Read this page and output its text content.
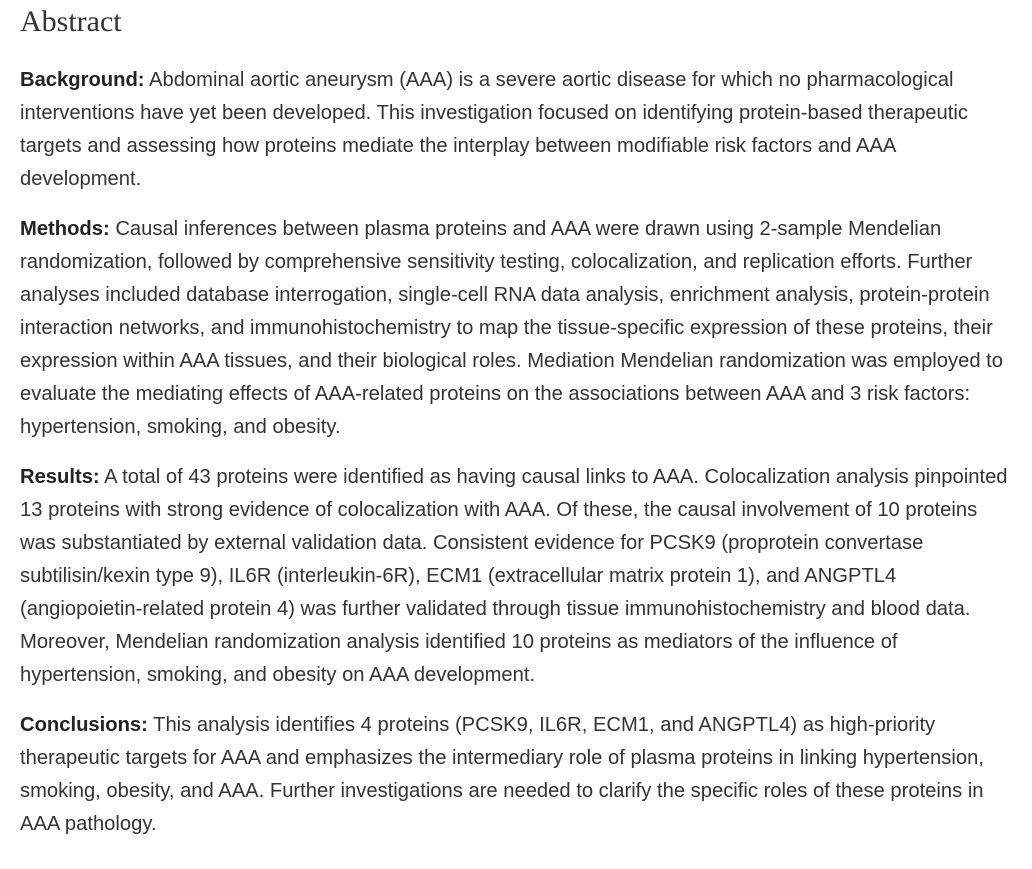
Abstract

Background: Abdominal aortic aneurysm (AAA) is a severe aortic disease for which no pharmacological interventions have yet been developed. This investigation focused on identifying protein-based therapeutic targets and assessing how proteins mediate the interplay between modifiable risk factors and AAA development.

Methods: Causal inferences between plasma proteins and AAA were drawn using 2-sample Mendelian randomization, followed by comprehensive sensitivity testing, colocalization, and replication efforts. Further analyses included database interrogation, single-cell RNA data analysis, enrichment analysis, protein-protein interaction networks, and immunohistochemistry to map the tissue-specific expression of these proteins, their expression within AAA tissues, and their biological roles. Mediation Mendelian randomization was employed to evaluate the mediating effects of AAA-related proteins on the associations between AAA and 3 risk factors: hypertension, smoking, and obesity.

Results: A total of 43 proteins were identified as having causal links to AAA. Colocalization analysis pinpointed 13 proteins with strong evidence of colocalization with AAA. Of these, the causal involvement of 10 proteins was substantiated by external validation data. Consistent evidence for PCSK9 (proprotein convertase subtilisin/kexin type 9), IL6R (interleukin-6R), ECM1 (extracellular matrix protein 1), and ANGPTL4 (angiopoietin-related protein 4) was further validated through tissue immunohistochemistry and blood data. Moreover, Mendelian randomization analysis identified 10 proteins as mediators of the influence of hypertension, smoking, and obesity on AAA development.

Conclusions: This analysis identifies 4 proteins (PCSK9, IL6R, ECM1, and ANGPTL4) as high-priority therapeutic targets for AAA and emphasizes the intermediary role of plasma proteins in linking hypertension, smoking, obesity, and AAA. Further investigations are needed to clarify the specific roles of these proteins in AAA pathology.
